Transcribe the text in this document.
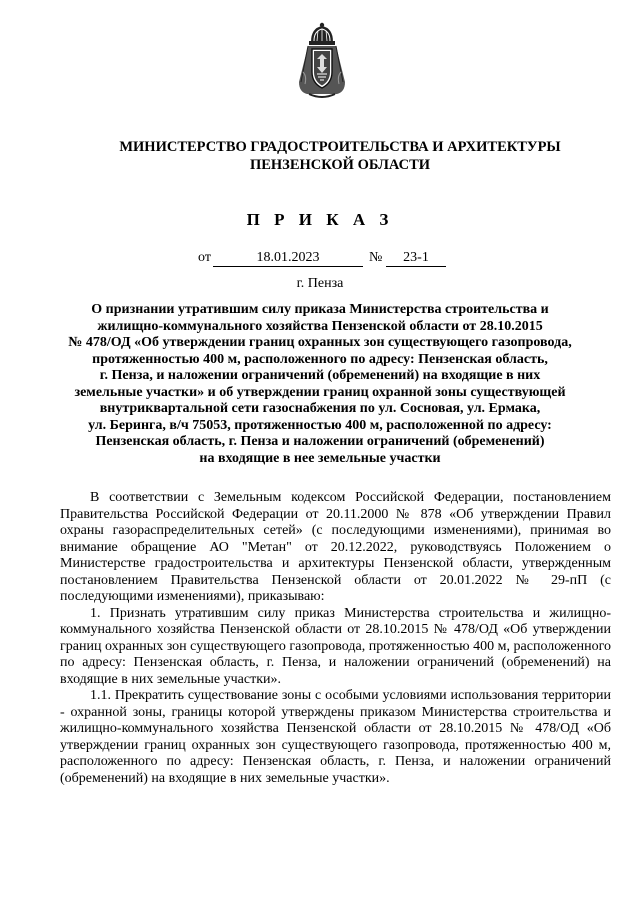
МИНИСТЕРСТВО ГРАДОСТРОИТЕЛЬСТВА И АРХИТЕКТУРЫ
ПЕНЗЕНСКОЙ ОБЛАСТИ
П Р И К А З
от	18.01.2023	№	23-1
г. Пенза
О признании утратившим силу приказа Министерства строительства и
жилищно-коммунального хозяйства Пензенской области от 28.10.2015
№ 478/ОД «Об утверждении границ охранных зон существующего газопровода,
протяженностью 400 м, расположенного по адресу: Пензенская область,
г. Пенза, и наложении ограничений (обременений) на входящие в них
земельные участки» и об утверждении границ охранной зоны существующей
внутриквартальной сети газоснабжения по ул. Сосновая, ул. Ермака,
ул. Беринга, в/ч 75053, протяженностью 400 м, расположенной по адресу:
Пензенская область, г. Пенза и наложении ограничений (обременений)
на входящие в нее земельные участки

В соответствии с Земельным кодексом Российской Федерации, постановлением Правительства Российской Федерации от 20.11.2000 № 878 «Об утверждении Правил охраны газораспределительных сетей» (с последующими изменениями), принимая во внимание обращение АО "Метан" от 20.12.2022, руководствуясь Положением о Министерстве градостроительства и архитектуры Пензенской области, утвержденным постановлением Правительства Пензенской области от 20.01.2022 № 29-пП (с последующими изменениями), приказываю:

1. Признать утратившим силу приказ Министерства строительства и жилищно-коммунального хозяйства Пензенской области от 28.10.2015 № 478/ОД «Об утверждении границ охранных зон существующего газопровода, протяженностью 400 м, расположенного по адресу: Пензенская область, г. Пенза, и наложении ограничений (обременений) на входящие в них земельные участки».

1.1. Прекратить существование зоны с особыми условиями использования территории - охранной зоны, границы которой утверждены приказом Министерства строительства и жилищно-коммунального хозяйства Пензенской области от 28.10.2015 № 478/ОД «Об утверждении границ охранных зон существующего газопровода, протяженностью 400 м, расположенного по адресу: Пензенская область, г. Пенза, и наложении ограничений (обременений) на входящие в них земельные участки».
